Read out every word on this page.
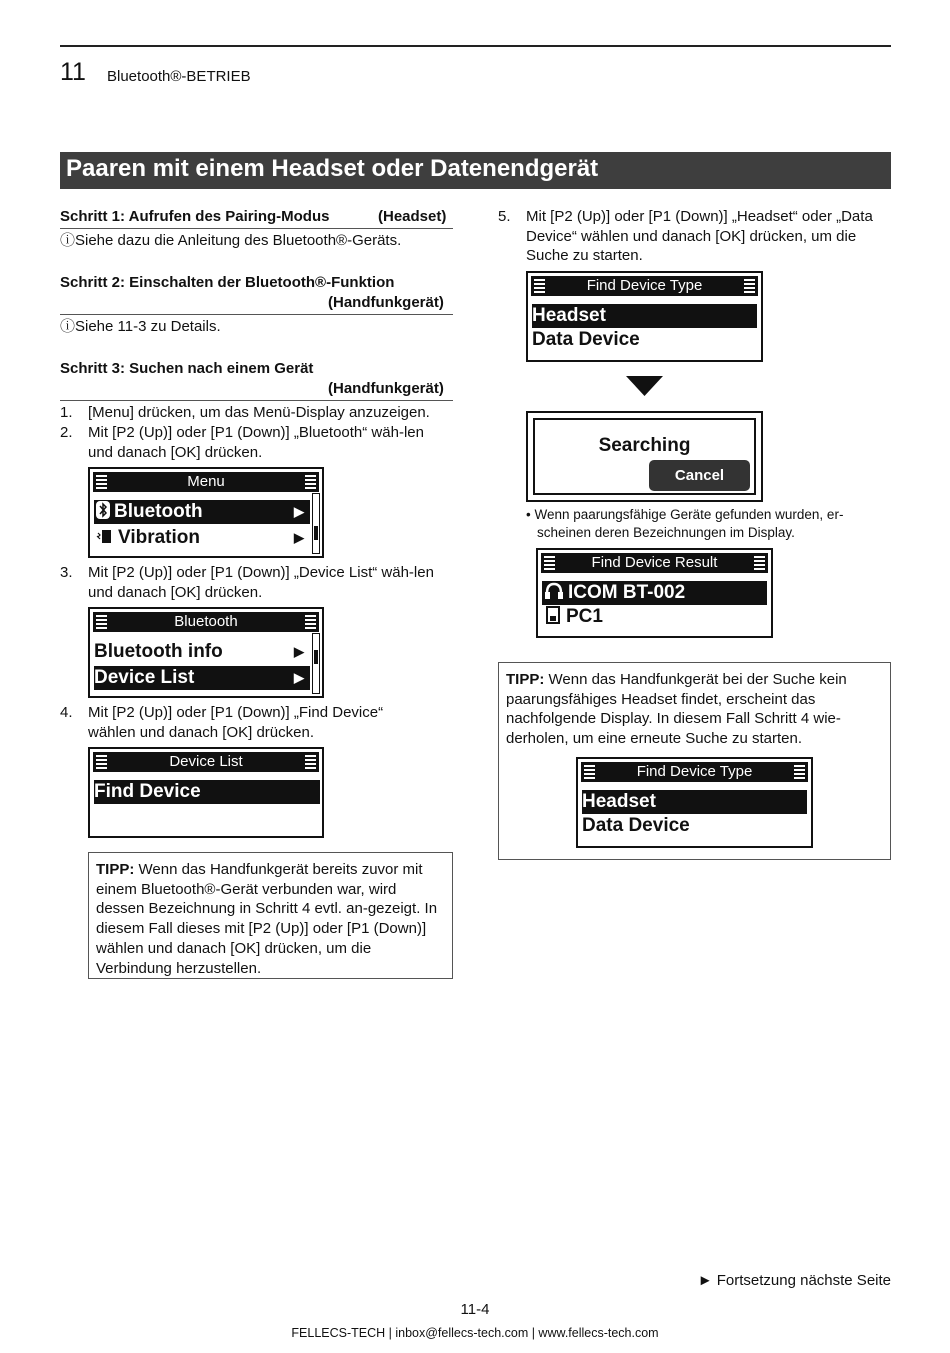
11 Bluetooth®-BETRIEB
Paaren mit einem Headset oder Datenendgerät
Schritt 1: Aufrufen des Pairing-Modus	(Headset)
ⓘSiehe dazu die Anleitung des Bluetooth®-Geräts.
Schritt 2: Einschalten der Bluetooth®-Funktion
(Handfunkgerät)
ⓘSiehe 11-3 zu Details.
Schritt 3: Suchen nach einem Gerät
(Handfunkgerät)
1. [Menu] drücken, um das Menü-Display anzuzeigen.
2. Mit [P2 (Up)] oder [P1 (Down)] „Bluetooth“ wäh-len und danach [OK] drücken.
Menu
Bluetooth	▶
Vibration	▶
3. Mit [P2 (Up)] oder [P1 (Down)] „Device List“ wäh-len und danach [OK] drücken.
Bluetooth
Bluetooth info	▶
Device List	▶
4. Mit [P2 (Up)] oder [P1 (Down)] „Find Device“ wählen und danach [OK] drücken.
Device List
Find Device
TIPP: Wenn das Handfunkgerät bereits zuvor mit einem Bluetooth®-Gerät verbunden war, wird dessen Bezeichnung in Schritt 4 evtl. an-gezeigt. In diesem Fall dieses mit [P2 (Up)] oder [P1 (Down)] wählen und danach [OK] drücken, um die Verbindung herzustellen.
5. Mit [P2 (Up)] oder [P1 (Down)] „Headset“ oder „Data Device“ wählen und danach [OK] drücken, um die Suche zu starten.
Find Device Type
Headset
Data Device
Searching
Cancel
• Wenn paarungsfähige Geräte gefunden wurden, er-scheinen deren Bezeichnungen im Display.
Find Device Result
ICOM BT-002
PC1
TIPP: Wenn das Handfunkgerät bei der Suche kein paarungsfähiges Headset findet, erscheint das nachfolgende Display. In diesem Fall Schritt 4 wie-derholen, um eine erneute Suche zu starten.
Find Device Type
Headset
Data Device
► Fortsetzung nächste Seite
11-4
FELLECS-TECH | inbox@fellecs-tech.com | www.fellecs-tech.com
